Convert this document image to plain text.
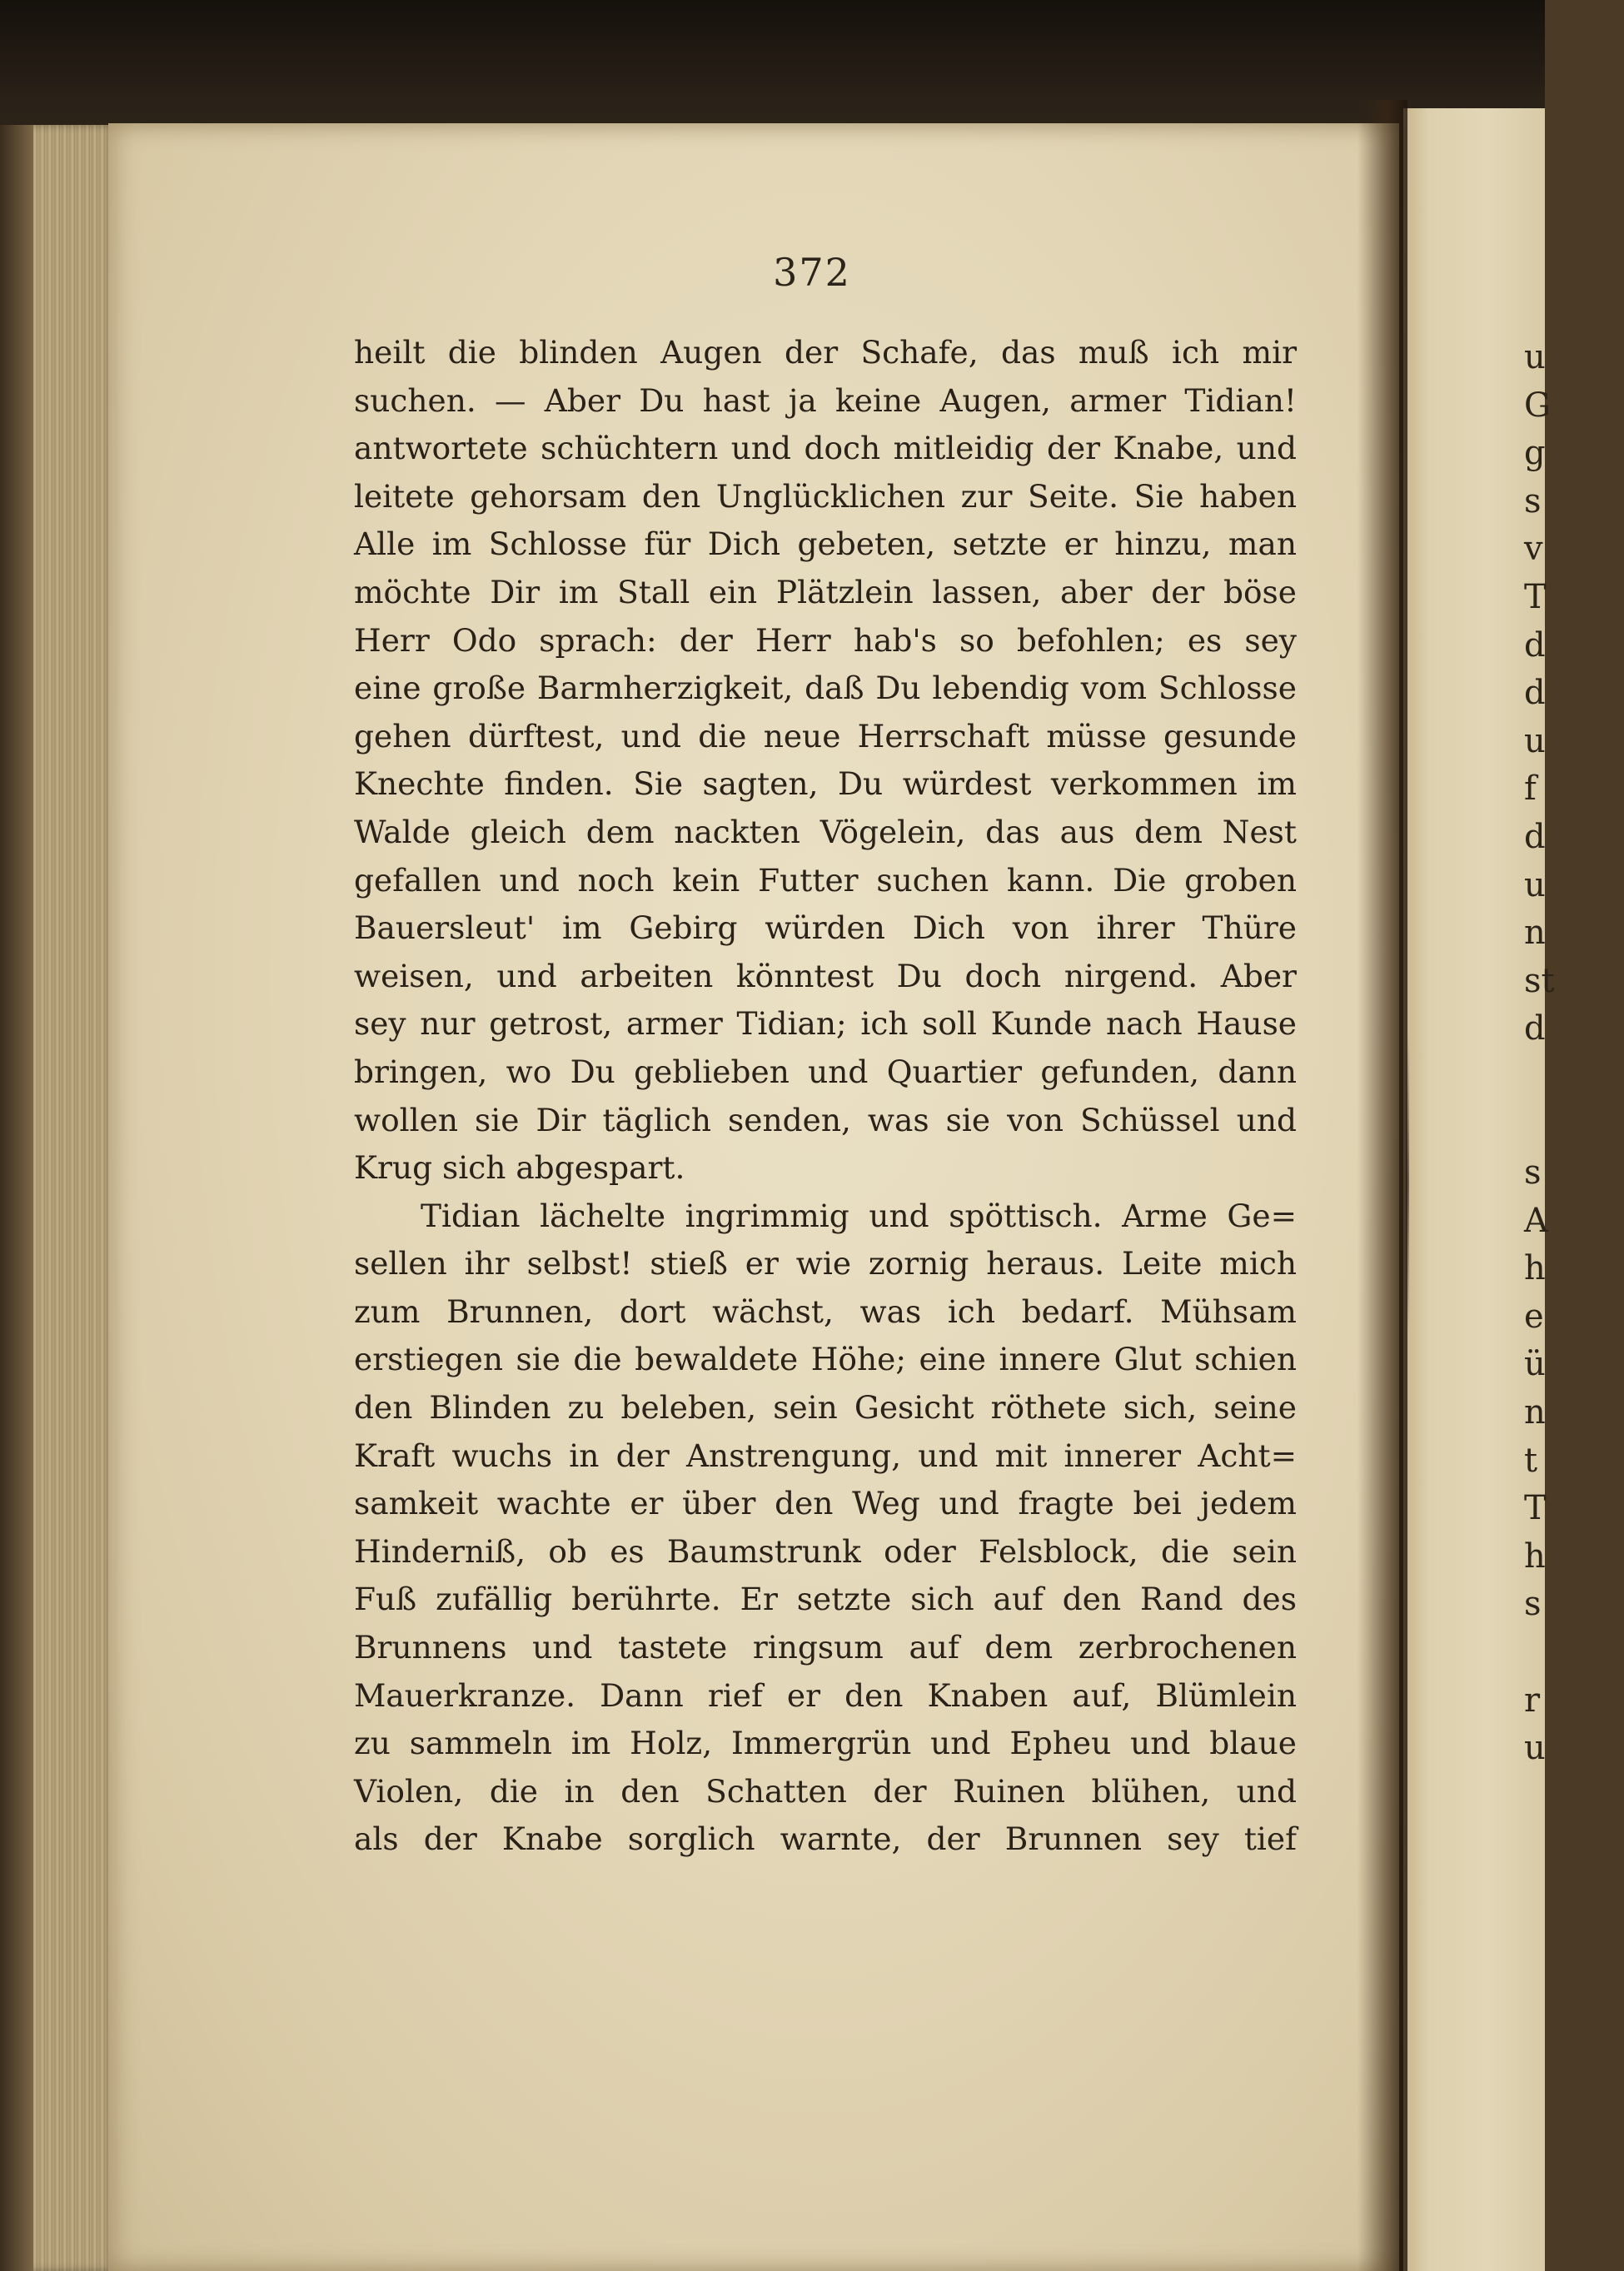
372
heilt die blinden Augen der Schafe, das muß ich mir
suchen. — Aber Du hast ja keine Augen, armer Tidian!
antwortete schüchtern und doch mitleidig der Knabe, und
leitete gehorsam den Unglücklichen zur Seite. Sie haben
Alle im Schlosse für Dich gebeten, setzte er hinzu, man
möchte Dir im Stall ein Plätzlein lassen, aber der böse
Herr Odo sprach: der Herr hab's so befohlen; es sey
eine große Barmherzigkeit, daß Du lebendig vom Schlosse
gehen dürftest, und die neue Herrschaft müsse gesunde
Knechte finden. Sie sagten, Du würdest verkommen im
Walde gleich dem nackten Vögelein, das aus dem Nest
gefallen und noch kein Futter suchen kann. Die groben
Bauersleut' im Gebirg würden Dich von ihrer Thüre
weisen, und arbeiten könntest Du doch nirgend. Aber
sey nur getrost, armer Tidian; ich soll Kunde nach Hause
bringen, wo Du geblieben und Quartier gefunden, dann
wollen sie Dir täglich senden, was sie von Schüssel und
Krug sich abgespart.
Tidian lächelte ingrimmig und spöttisch. Arme Ge=
sellen ihr selbst! stieß er wie zornig heraus. Leite mich
zum Brunnen, dort wächst, was ich bedarf. Mühsam
erstiegen sie die bewaldete Höhe; eine innere Glut schien
den Blinden zu beleben, sein Gesicht röthete sich, seine
Kraft wuchs in der Anstrengung, und mit innerer Acht=
samkeit wachte er über den Weg und fragte bei jedem
Hinderniß, ob es Baumstrunk oder Felsblock, die sein
Fuß zufällig berührte. Er setzte sich auf den Rand des
Brunnens und tastete ringsum auf dem zerbrochenen
Mauerkranze. Dann rief er den Knaben auf, Blümlein
zu sammeln im Holz, Immergrün und Epheu und blaue
Violen, die in den Schatten der Ruinen blühen, und
als der Knabe sorglich warnte, der Brunnen sey tief
u
G
g
s
v
T
d
d
u
f
d
u
n
st
d

s
A
h
e
ü
n
t
T
h
s

r
u
